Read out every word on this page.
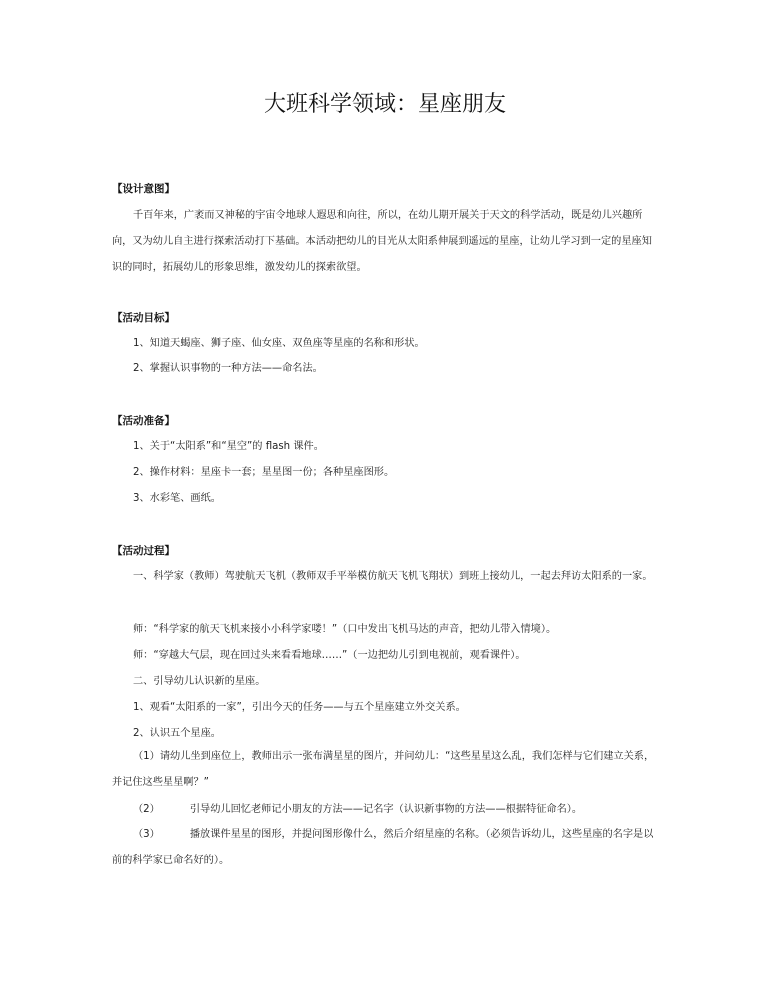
大班科学领域：星座朋友
【设计意图】
千百年来，广袤而又神秘的宇宙令地球人遐思和向往，所以，在幼儿期开展关于天文的科学活动，既是幼儿兴趣所向，又为幼儿自主进行探索活动打下基础。本活动把幼儿的目光从太阳系伸展到遥远的星座，让幼儿学习到一定的星座知识的同时，拓展幼儿的形象思维，激发幼儿的探索欲望。
【活动目标】
1、知道天蝎座、狮子座、仙女座、双鱼座等星座的名称和形状。
2、掌握认识事物的一种方法——命名法。
【活动准备】
1、关于“太阳系”和“星空”的 flash 课件。
2、操作材料：星座卡一套；星星图一份；各种星座图形。
3、水彩笔、画纸。
【活动过程】
一、科学家（教师）驾驶航天飞机（教师双手平举模仿航天飞机飞翔状）到班上接幼儿，一起去拜访太阳系的一家。
师：“科学家的航天飞机来接小小科学家喽！”（口中发出飞机马达的声音，把幼儿带入情境）。
师：“穿越大气层，现在回过头来看看地球……”（一边把幼儿引到电视前，观看课件）。
二、引导幼儿认识新的星座。
1、观看“太阳系的一家”，引出今天的任务——与五个星座建立外交关系。
2、认识五个星座。
（1）请幼儿坐到座位上，教师出示一张布满星星的图片，并问幼儿：“这些星星这么乱，我们怎样与它们建立关系，并记住这些星星啊？”
（2）	引导幼儿回忆老师记小朋友的方法——记名字（认识新事物的方法——根据特征命名）。
（3）	播放课件星星的图形，并提问图形像什么，然后介绍星座的名称。（必须告诉幼儿，这些星座的名字是以前的科学家已命名好的）。
